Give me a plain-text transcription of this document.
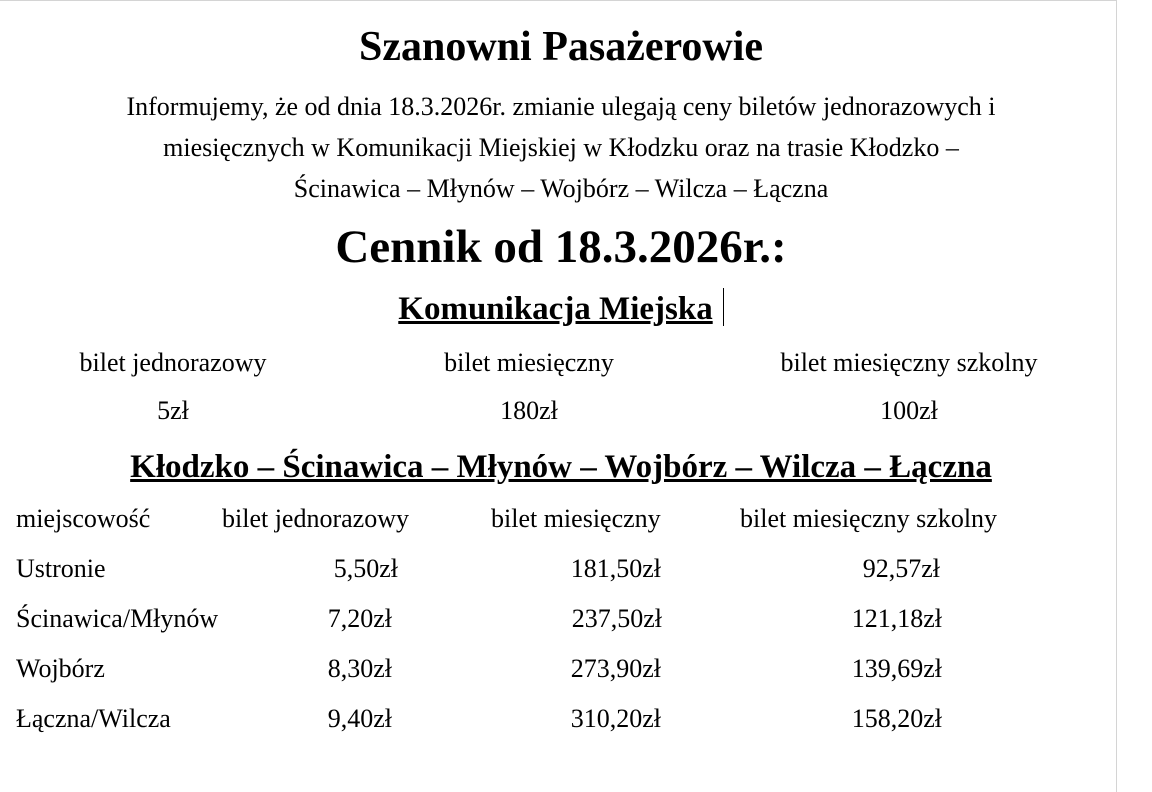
Szanowni Pasażerowie
Informujemy, że od dnia 18.3.2026r. zmianie ulegają ceny biletów jednorazowych i
miesięcznych w Komunikacji Miejskiej w Kłodzku oraz na trasie Kłodzko –
Ścinawica – Młynów – Wojbórz – Wilcza – Łączna
Cennik od 18.3.2026r.:
Komunikacja Miejska
bilet jednorazowy	bilet miesięczny	bilet miesięczny szkolny
5zł	180zł	100zł
Kłodzko – Ścinawica – Młynów – Wojbórz – Wilcza – Łączna
miejscowość	bilet jednorazowy	bilet miesięczny	bilet miesięczny szkolny
Ustronie	5,50zł	181,50zł	92,57zł
Ścinawica/Młynów	7,20zł	237,50zł	121,18zł
Wojbórz	8,30zł	273,90zł	139,69zł
Łączna/Wilcza	9,40zł	310,20zł	158,20zł
